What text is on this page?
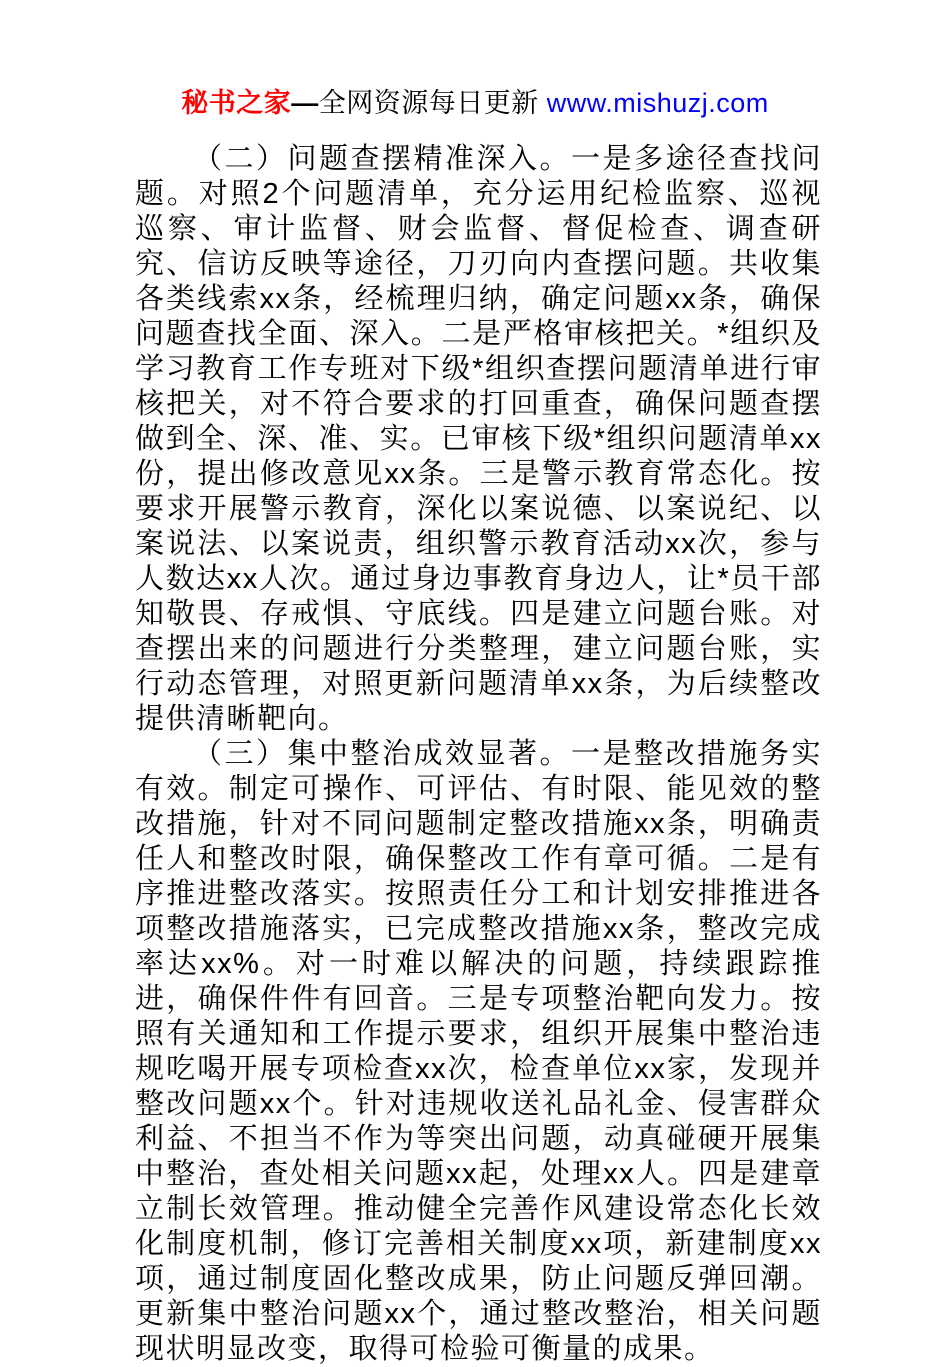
秘书之家—全网资源每日更新 www.mishuzj.com

（二）问题查摆精准深入。一是多途径查找问题。对照2个问题清单，充分运用纪检监察、巡视巡察、审计监督、财会监督、督促检查、调查研究、信访反映等途径，刀刃向内查摆问题。共收集各类线索xx条，经梳理归纳，确定问题xx条，确保问题查找全面、深入。二是严格审核把关。*组织及学习教育工作专班对下级*组织查摆问题清单进行审核把关，对不符合要求的打回重查，确保问题查摆做到全、深、准、实。已审核下级*组织问题清单xx份，提出修改意见xx条。三是警示教育常态化。按要求开展警示教育，深化以案说德、以案说纪、以案说法、以案说责，组织警示教育活动xx次，参与人数达xx人次。通过身边事教育身边人，让*员干部知敬畏、存戒惧、守底线。四是建立问题台账。对查摆出来的问题进行分类整理，建立问题台账，实行动态管理，对照更新问题清单xx条，为后续整改提供清晰靶向。

（三）集中整治成效显著。一是整改措施务实有效。制定可操作、可评估、有时限、能见效的整改措施，针对不同问题制定整改措施xx条，明确责任人和整改时限，确保整改工作有章可循。二是有序推进整改落实。按照责任分工和计划安排推进各项整改措施落实，已完成整改措施xx条，整改完成率达xx%。对一时难以解决的问题，持续跟踪推进，确保件件有回音。三是专项整治靶向发力。按照有关通知和工作提示要求，组织开展集中整治违规吃喝开展专项检查xx次，检查单位xx家，发现并整改问题xx个。针对违规收送礼品礼金、侵害群众利益、不担当不作为等突出问题，动真碰硬开展集中整治，查处相关问题xx起，处理xx人。四是建章立制长效管理。推动健全完善作风建设常态化长效化制度机制，修订完善相关制度xx项，新建制度xx项，通过制度固化整改成果，防止问题反弹回潮。更新集中整治问题xx个，通过整改整治，相关问题现状明显改变，取得可检验可衡量的成果。
